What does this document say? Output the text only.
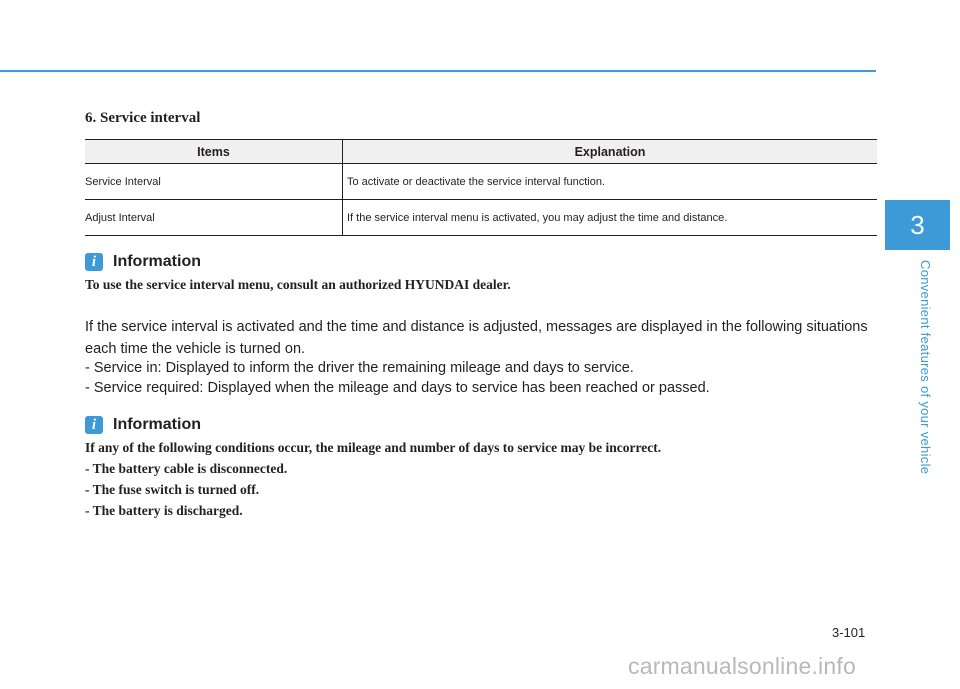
6. Service interval
Items	Explanation
Service Interval	To activate or deactivate the service interval function.
Adjust Interval	If the service interval menu is activated, you may adjust the time and distance.
i	Information

To use the service interval menu, consult an authorized HYUNDAI dealer.

If the service interval is activated and the time and distance is adjusted, messages are displayed in the following situations each time the vehicle is turned on.

- Service in: Displayed to inform the driver the remaining mileage and days to service.

- Service required: Displayed when the mileage and days to service has been reached or passed.

i	Information

If any of the following conditions occur, the mileage and number of days to service may be incorrect.

- The battery cable is disconnected.

- The fuse switch is turned off.

- The battery is discharged.

3
Convenient features of your vehicle
3-101
carmanualsonline.info
